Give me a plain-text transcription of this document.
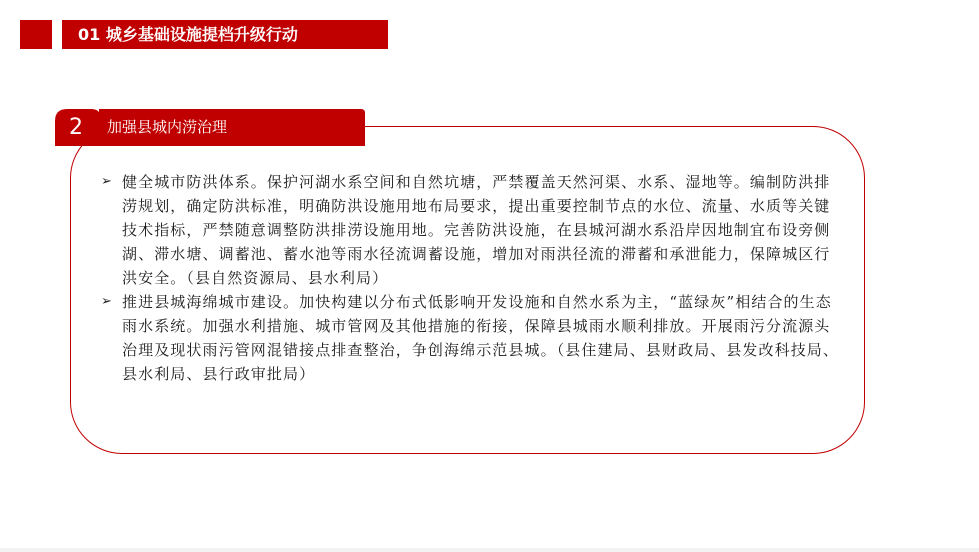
01 城乡基础设施提档升级行动
2	加强县城内涝治理
➢ 健全城市防洪体系。保护河湖水系空间和自然坑塘，严禁覆盖天然河渠、水系、湿地等。编制防洪排涝规划，确定防洪标准，明确防洪设施用地布局要求，提出重要控制节点的水位、流量、水质等关键技术指标，严禁随意调整防洪排涝设施用地。完善防洪设施，在县城河湖水系沿岸因地制宜布设旁侧湖、滞水塘、调蓄池、蓄水池等雨水径流调蓄设施，增加对雨洪径流的滞蓄和承泄能力，保障城区行洪安全。（县自然资源局、县水利局）
➢ 推进县城海绵城市建设。加快构建以分布式低影响开发设施和自然水系为主，“蓝绿灰”相结合的生态雨水系统。加强水利措施、城市管网及其他措施的衔接，保障县城雨水顺利排放。开展雨污分流源头治理及现状雨污管网混错接点排查整治，争创海绵示范县城。（县住建局、县财政局、县发改科技局、县水利局、县行政审批局）
